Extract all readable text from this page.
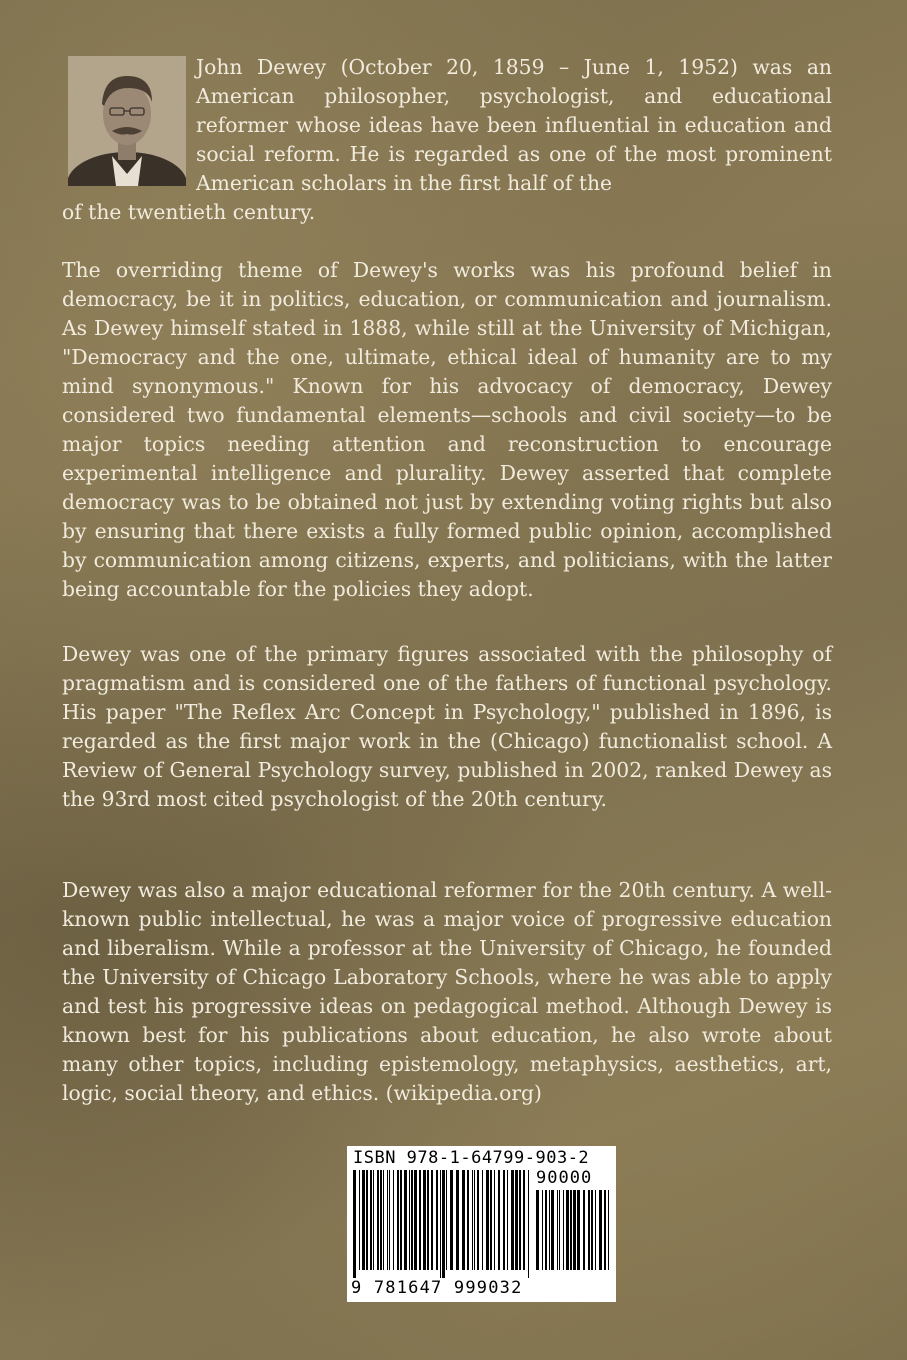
John Dewey (October 20, 1859 – June 1, 1952) was an American philosopher, psychologist, and educational reformer whose ideas have been influential in education and social reform. He is regarded as one of the most prominent American scholars in the first half of the

of the twentieth century.

The overriding theme of Dewey's works was his profound belief in democracy, be it in politics, education, or communication and journalism. As Dewey himself stated in 1888, while still at the University of Michigan, "Democracy and the one, ultimate, ethical ideal of humanity are to my mind synonymous." Known for his advocacy of democracy, Dewey considered two fundamental elements—schools and civil society—to be major topics needing attention and reconstruction to encourage experimental intelligence and plurality. Dewey asserted that complete democracy was to be obtained not just by extending voting rights but also by ensuring that there exists a fully formed public opinion, accomplished by communication among citizens, experts, and politicians, with the latter being accountable for the policies they adopt.

Dewey was one of the primary figures associated with the philosophy of pragmatism and is considered one of the fathers of functional psychology. His paper "The Reflex Arc Concept in Psychology," published in 1896, is regarded as the first major work in the (Chicago) functionalist school. A Review of General Psychology survey, published in 2002, ranked Dewey as the 93rd most cited psychologist of the 20th century.

Dewey was also a major educational reformer for the 20th century. A well-known public intellectual, he was a major voice of progressive education and liberalism. While a professor at the University of Chicago, he founded the University of Chicago Laboratory Schools, where he was able to apply and test his progressive ideas on pedagogical method. Although Dewey is known best for his publications about education, he also wrote about many other topics, including epistemology, metaphysics, aesthetics, art, logic, social theory, and ethics. (wikipedia.org)

ISBN 978-1-64799-903-2
90000
9 781647 999032
